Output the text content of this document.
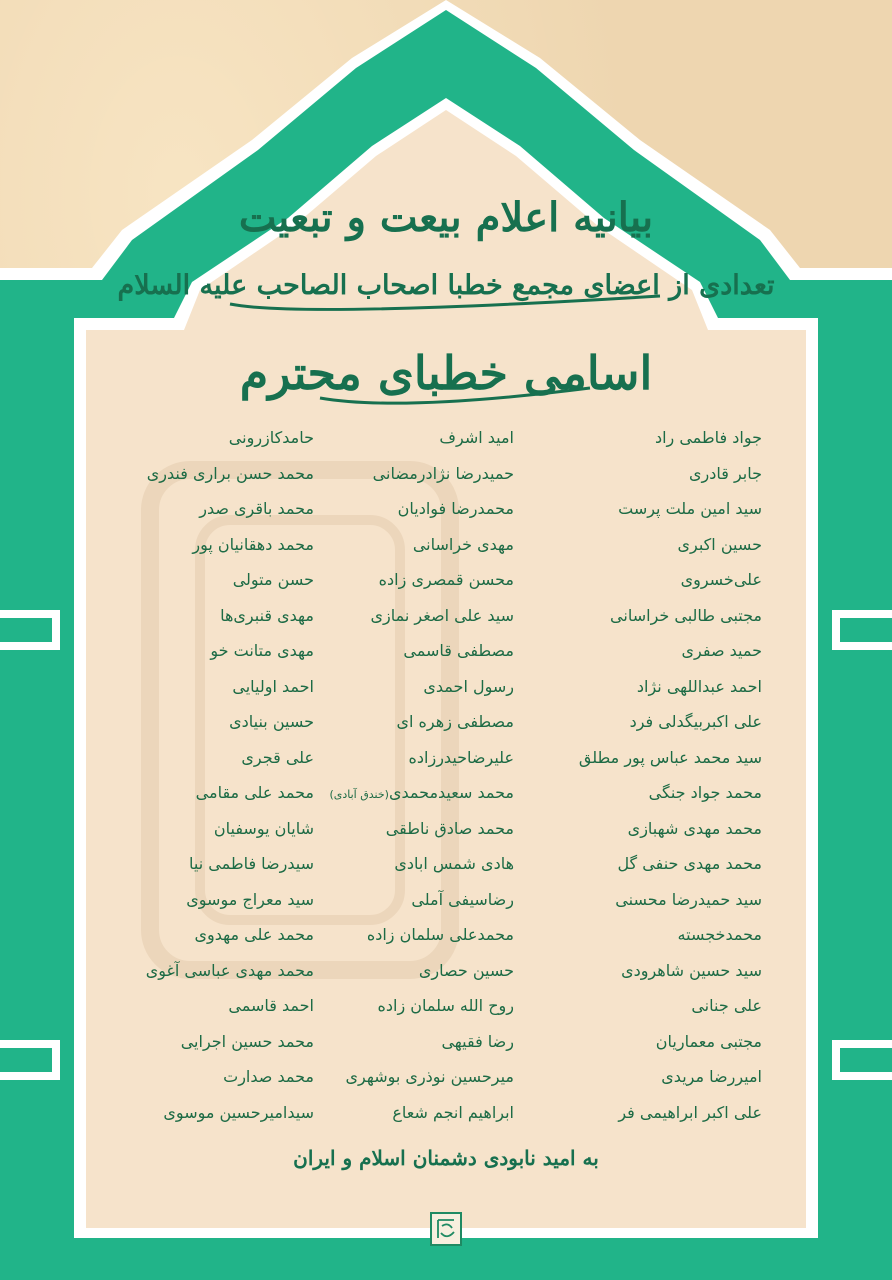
بیانیه اعلام بیعت و تبعیت
تعدادی از اعضای مجمع خطبا اصحاب الصاحب علیه السلام
اسامی خطبای محترم
جواد فاطمی راد
جابر قادری
سید امین ملت پرست
حسین اکبری
علی‌خسروی
مجتبی طالبی خراسانی
حمید صفری
احمد عبداللهی نژاد
علی اکبربیگدلی فرد
سید محمد عباس پور مطلق
محمد جواد جنگی
محمد مهدی شهبازی
محمد مهدی حنفی گل
سید حمیدرضا محسنی
محمدخجسته
سید حسین شاهرودی
علی جنانی
مجتبی معماریان
امیررضا مریدی
علی اکبر ابراهیمی فر
امید اشرف
حمیدرضا نژادرمضانی
محمدرضا فوادیان
مهدی خراسانی
محسن قمصری زاده
سید علی اصغر نمازی
مصطفی قاسمی
رسول احمدی
مصطفی زهره ای
علیرضاحیدرزاده
محمد سعیدمحمدی(خندق آبادی)
محمد صادق ناطقی
هادی شمس ابادی
رضاسیفی آملی
محمدعلی سلمان زاده
حسین حصاری
روح الله سلمان زاده
رضا فقیهی
میرحسین نوذری بوشهری
ابراهیم انجم شعاع
حامدکازرونی
محمد حسن براری فندری
محمد باقری صدر
محمد دهقانیان پور
حسن متولی
مهدی قنبری‌ها
مهدی متانت خو
احمد اولیایی
حسین بنیادی
علی قجری
محمد علی مقامی
شایان یوسفیان
سیدرضا فاطمی نیا
سید معراج موسوی
محمد علی مهدوی
محمد مهدی عباسی آغوی
احمد قاسمی
محمد حسین اجرایی
محمد صدارت
سیدامیرحسین موسوی

به امید نابودی دشمنان اسلام و ایران
